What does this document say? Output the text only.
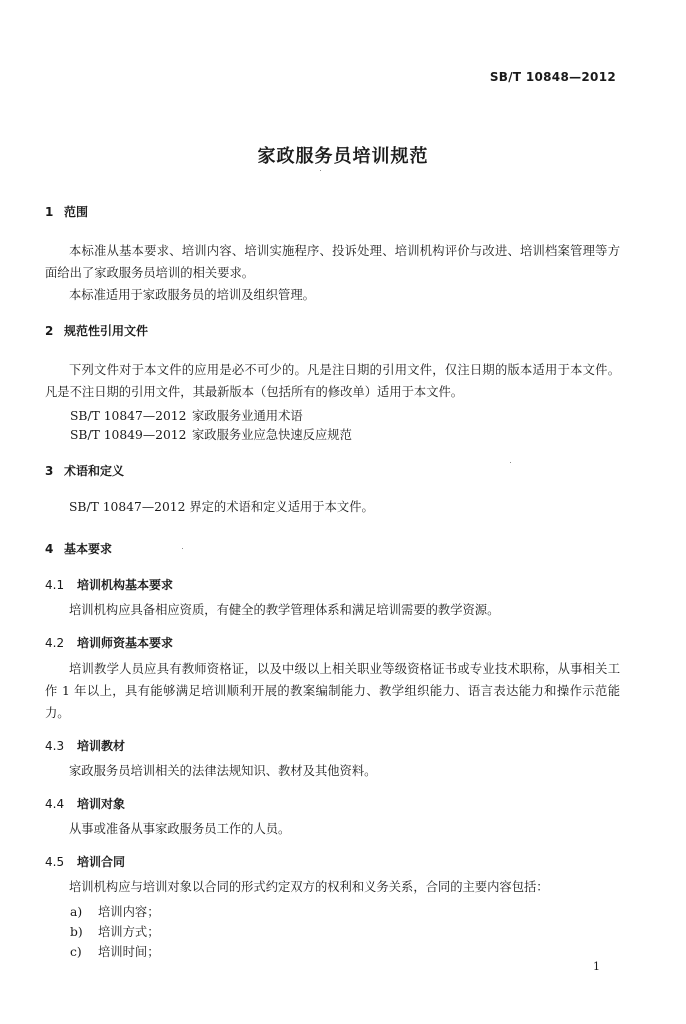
SB/T 10848—2012
家政服务员培训规范
1 范围
本标准从基本要求、培训内容、培训实施程序、投诉处理、培训机构评价与改进、培训档案管理等方面给出了家政服务员培训的相关要求。
本标准适用于家政服务员的培训及组织管理。
2 规范性引用文件
下列文件对于本文件的应用是必不可少的。凡是注日期的引用文件，仅注日期的版本适用于本文件。凡是不注日期的引用文件，其最新版本（包括所有的修改单）适用于本文件。
SB/T 10847—2012 家政服务业通用术语
SB/T 10849—2012 家政服务业应急快速反应规范
3 术语和定义
SB/T 10847—2012 界定的术语和定义适用于本文件。
4 基本要求
4.1 培训机构基本要求
培训机构应具备相应资质，有健全的教学管理体系和满足培训需要的教学资源。
4.2 培训师资基本要求
培训教学人员应具有教师资格证，以及中级以上相关职业等级资格证书或专业技术职称，从事相关工作 1 年以上，具有能够满足培训顺利开展的教案编制能力、教学组织能力、语言表达能力和操作示范能力。
4.3 培训教材
家政服务员培训相关的法律法规知识、教材及其他资料。
4.4 培训对象
从事或准备从事家政服务员工作的人员。
4.5 培训合同
培训机构应与培训对象以合同的形式约定双方的权利和义务关系，合同的主要内容包括：
a) 培训内容；
b) 培训方式；
c) 培训时间；
1
